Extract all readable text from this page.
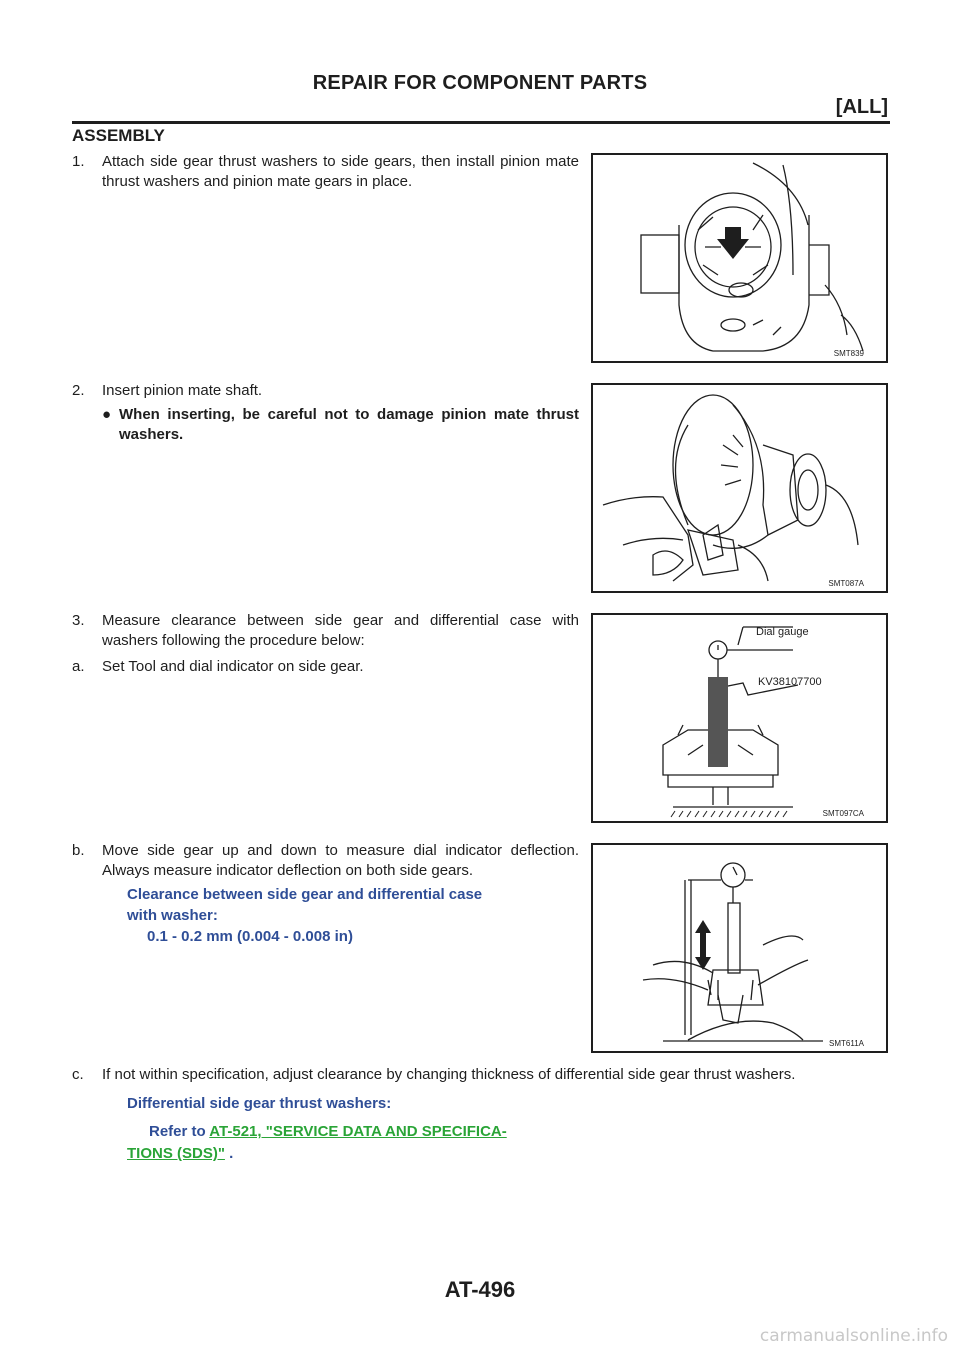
REPAIR FOR COMPONENT PARTS
[ALL]
ASSEMBLY
1. Attach side gear thrust washers to side gears, then install pinion mate thrust washers and pinion mate gears in place.
SMT839
2. Insert pinion mate shaft.
● When inserting, be careful not to damage pinion mate thrust washers.
SMT087A
3. Measure clearance between side gear and differential case with washers following the procedure below:
a. Set Tool and dial indicator on side gear.
Dial gauge
KV38107700
SMT097CA
b. Move side gear up and down to measure dial indicator deflection. Always measure indicator deflection on both side gears.
Clearance between side gear and differential case
with washer:
0.1 - 0.2 mm (0.004 - 0.008 in)
SMT611A
c. If not within specification, adjust clearance by changing thickness of differential side gear thrust washers.
Differential side gear thrust washers:
Refer to AT-521, "SERVICE DATA AND SPECIFICA-
TIONS (SDS)" .
AT-496
carmanualsonline.info
